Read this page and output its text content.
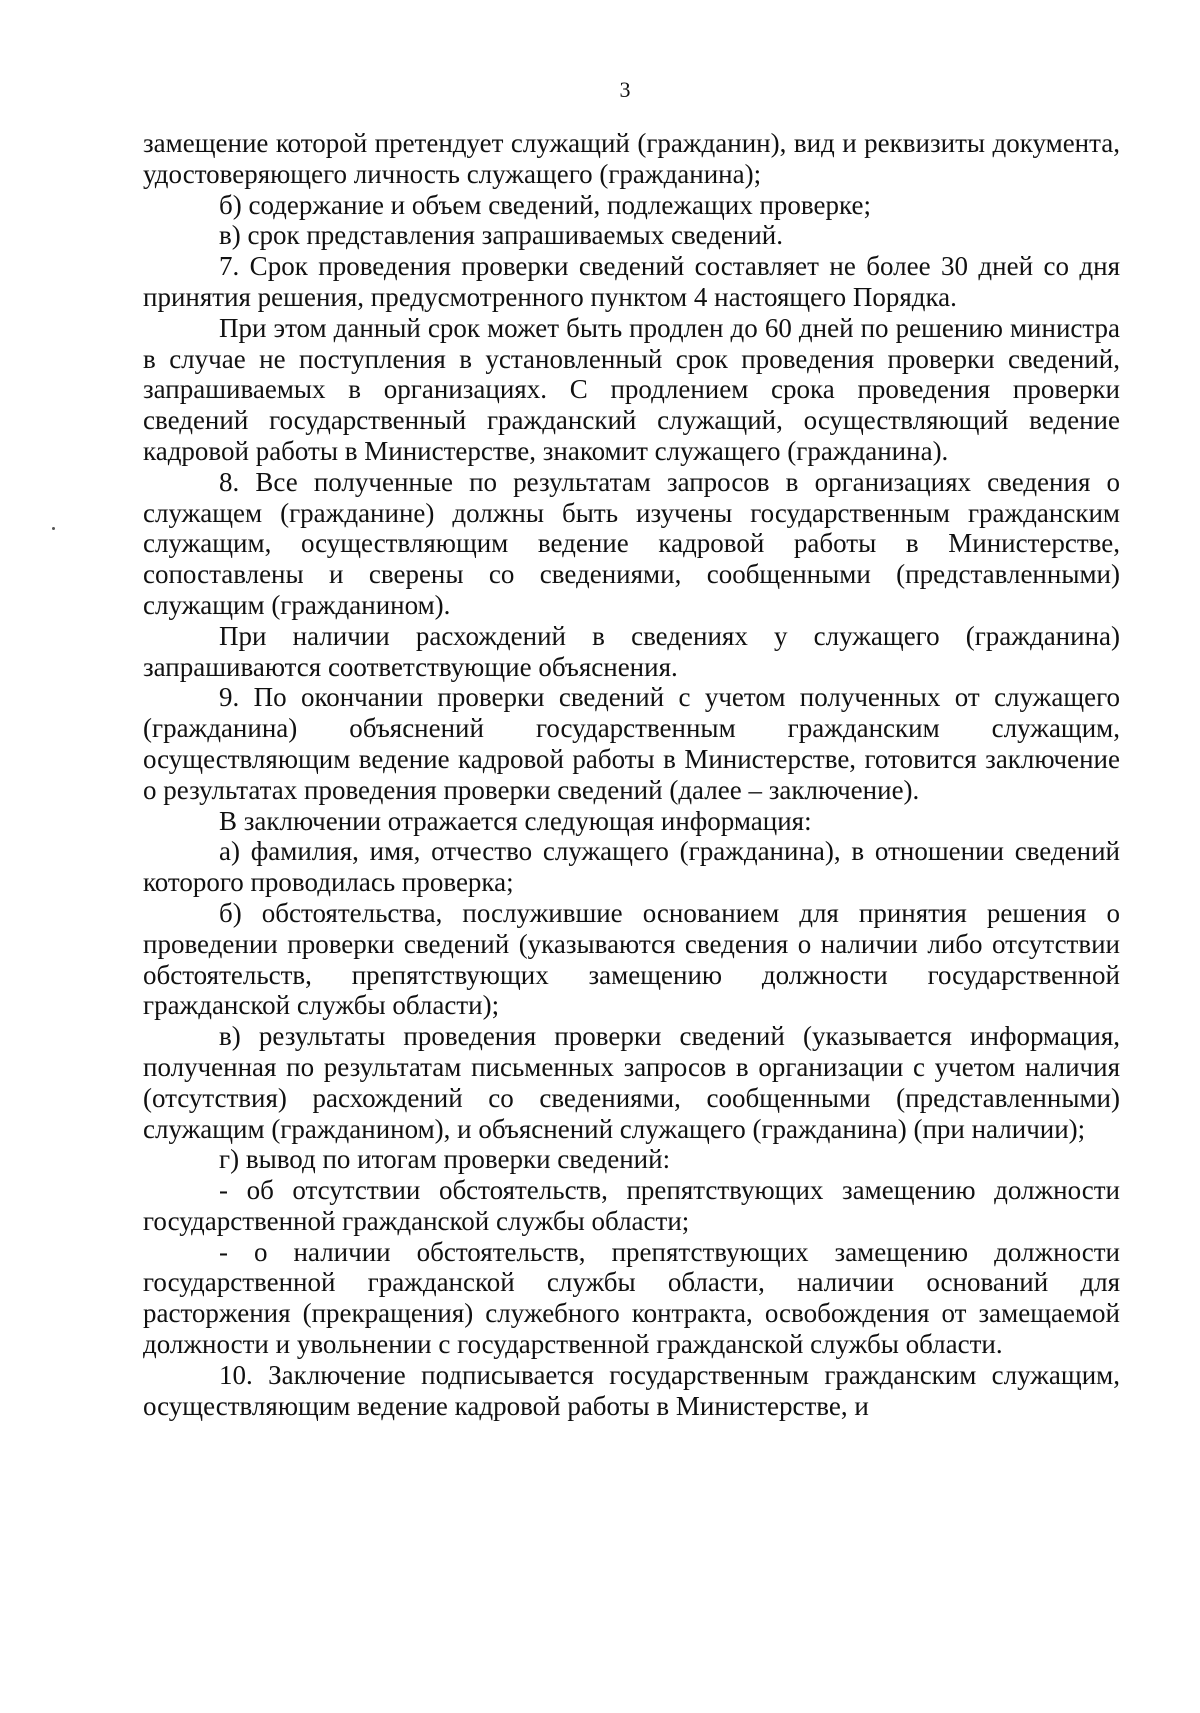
3

замещение которой претендует служащий (гражданин), вид и реквизиты документа, удостоверяющего личность служащего (гражданина);

б) содержание и объем сведений, подлежащих проверке;

в) срок представления запрашиваемых сведений.

7. Срок проведения проверки сведений составляет не более 30 дней со дня принятия решения, предусмотренного пунктом 4 настоящего Порядка.

При этом данный срок может быть продлен до 60 дней по решению министра в случае не поступления в установленный срок проведения проверки сведений, запрашиваемых в организациях. С продлением срока проведения проверки сведений государственный гражданский служащий, осуществляющий ведение кадровой работы в Министерстве, знакомит служащего (гражданина).

8. Все полученные по результатам запросов в организациях сведения о служащем (гражданине) должны быть изучены государственным гражданским служащим, осуществляющим ведение кадровой работы в Министерстве, сопоставлены и сверены со сведениями, сообщенными (представленными) служащим (гражданином).

При наличии расхождений в сведениях у служащего (гражданина) запрашиваются соответствующие объяснения.

9. По окончании проверки сведений с учетом полученных от служащего (гражданина) объяснений государственным гражданским служащим, осуществляющим ведение кадровой работы в Министерстве, готовится заключение о результатах проведения проверки сведений (далее – заключение).

В заключении отражается следующая информация:

а) фамилия, имя, отчество служащего (гражданина), в отношении сведений которого проводилась проверка;

б) обстоятельства, послужившие основанием для принятия решения о проведении проверки сведений (указываются сведения о наличии либо отсутствии обстоятельств, препятствующих замещению должности государственной гражданской службы области);

в) результаты проведения проверки сведений (указывается информация, полученная по результатам письменных запросов в организации с учетом наличия (отсутствия) расхождений со сведениями, сообщенными (представленными) служащим (гражданином), и объяснений служащего (гражданина) (при наличии);

г) вывод по итогам проверки сведений:

- об отсутствии обстоятельств, препятствующих замещению должности государственной гражданской службы области;

- о наличии обстоятельств, препятствующих замещению должности государственной гражданской службы области, наличии оснований для расторжения (прекращения) служебного контракта, освобождения от замещаемой должности и увольнении с государственной гражданской службы области.

10. Заключение подписывается государственным гражданским служащим, осуществляющим ведение кадровой работы в Министерстве, и
